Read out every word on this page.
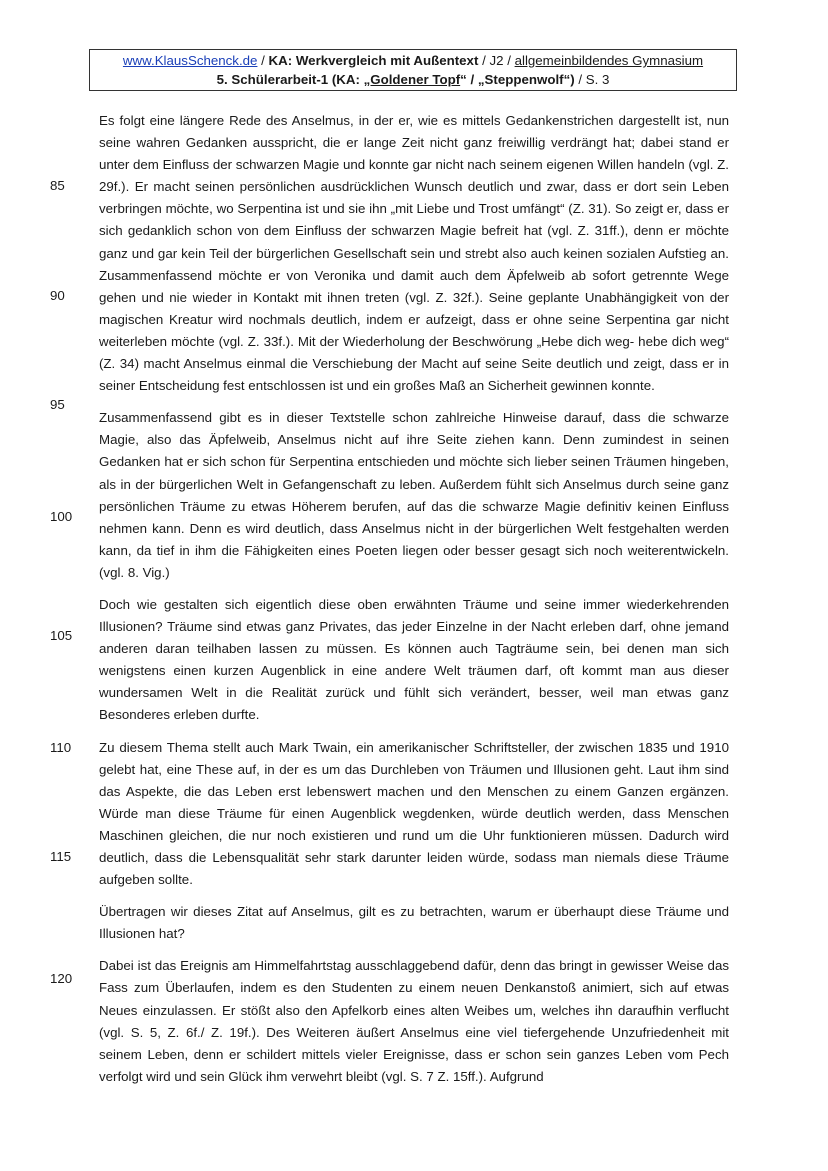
www.KlausSchenck.de / KA: Werkvergleich mit Außentext / J2 / allgemeinbildendes Gymnasium
5. Schülerarbeit-1 (KA: „Goldener Topf“ / „Steppenwolf“) / S. 3
85
90
95
100
105
110
115
120

Es folgt eine längere Rede des Anselmus, in der er, wie es mittels Gedankenstrichen dargestellt ist, nun seine wahren Gedanken ausspricht, die er lange Zeit nicht ganz freiwillig verdrängt hat; dabei stand er unter dem Einfluss der schwarzen Magie und konnte gar nicht nach seinem eigenen Willen handeln (vgl. Z. 29f.). Er macht seinen persönlichen ausdrücklichen Wunsch deutlich und zwar, dass er dort sein Leben verbringen möchte, wo Serpentina ist und sie ihn „mit Liebe und Trost umfängt“ (Z. 31). So zeigt er, dass er sich gedanklich schon von dem Einfluss der schwarzen Magie befreit hat (vgl. Z. 31ff.), denn er möchte ganz und gar kein Teil der bürgerlichen Gesellschaft sein und strebt also auch keinen sozialen Aufstieg an. Zusammenfassend möchte er von Veronika und damit auch dem Äpfelweib ab sofort getrennte Wege gehen und nie wieder in Kontakt mit ihnen treten (vgl. Z. 32f.). Seine geplante Unabhängigkeit von der magischen Kreatur wird nochmals deutlich, indem er aufzeigt, dass er ohne seine Serpentina gar nicht weiterleben möchte (vgl. Z. 33f.). Mit der Wiederholung der Beschwörung „Hebe dich weg- hebe dich weg“ (Z. 34) macht Anselmus einmal die Verschiebung der Macht auf seine Seite deutlich und zeigt, dass er in seiner Entscheidung fest entschlossen ist und ein großes Maß an Sicherheit gewinnen konnte.

Zusammenfassend gibt es in dieser Textstelle schon zahlreiche Hinweise darauf, dass die schwarze Magie, also das Äpfelweib, Anselmus nicht auf ihre Seite ziehen kann. Denn zumindest in seinen Gedanken hat er sich schon für Serpentina entschieden und möchte sich lieber seinen Träumen hingeben, als in der bürgerlichen Welt in Gefangenschaft zu leben. Außerdem fühlt sich Anselmus durch seine ganz persönlichen Träume zu etwas Höherem berufen, auf das die schwarze Magie definitiv keinen Einfluss nehmen kann. Denn es wird deutlich, dass Anselmus nicht in der bürgerlichen Welt festgehalten werden kann, da tief in ihm die Fähigkeiten eines Poeten liegen oder besser gesagt sich noch weiterentwickeln. (vgl. 8. Vig.)

Doch wie gestalten sich eigentlich diese oben erwähnten Träume und seine immer wiederkehrenden Illusionen? Träume sind etwas ganz Privates, das jeder Einzelne in der Nacht erleben darf, ohne jemand anderen daran teilhaben lassen zu müssen. Es können auch Tagträume sein, bei denen man sich wenigstens einen kurzen Augenblick in eine andere Welt träumen darf, oft kommt man aus dieser wundersamen Welt in die Realität zurück und fühlt sich verändert, besser, weil man etwas ganz Besonderes erleben durfte.

Zu diesem Thema stellt auch Mark Twain, ein amerikanischer Schriftsteller, der zwischen 1835 und 1910 gelebt hat, eine These auf, in der es um das Durchleben von Träumen und Illusionen geht. Laut ihm sind das Aspekte, die das Leben erst lebenswert machen und den Menschen zu einem Ganzen ergänzen. Würde man diese Träume für einen Augenblick wegdenken, würde deutlich werden, dass Menschen Maschinen gleichen, die nur noch existieren und rund um die Uhr funktionieren müssen. Dadurch wird deutlich, dass die Lebensqualität sehr stark darunter leiden würde, sodass man niemals diese Träume aufgeben sollte.

Übertragen wir dieses Zitat auf Anselmus, gilt es zu betrachten, warum er überhaupt diese Träume und Illusionen hat?

Dabei ist das Ereignis am Himmelfahrtstag ausschlaggebend dafür, denn das bringt in gewisser Weise das Fass zum Überlaufen, indem es den Studenten zu einem neuen Denkanstoß animiert, sich auf etwas Neues einzulassen. Er stößt also den Apfelkorb eines alten Weibes um, welches ihn daraufhin verflucht (vgl. S. 5, Z. 6f./ Z. 19f.). Des Weiteren äußert Anselmus eine viel tiefergehende Unzufriedenheit mit seinem Leben, denn er schildert mittels vieler Ereignisse, dass er schon sein ganzes Leben vom Pech verfolgt wird und sein Glück ihm verwehrt bleibt (vgl. S. 7 Z. 15ff.). Aufgrund
